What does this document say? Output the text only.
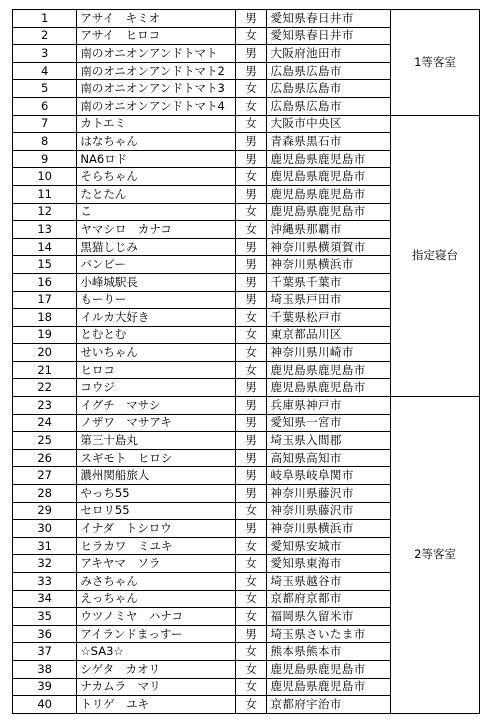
1	アサイ　キミオ	男	愛知県春日井市	1等客室
2	アサイ　ヒロコ	女	愛知県春日井市	
3	南のオニオンアンドトマト	男	大阪府池田市	
4	南のオニオンアンドトマト2	男	広島県広島市	
5	南のオニオンアンドトマト3	女	広島県広島市	
6	南のオニオンアンドトマト4	女	広島県広島市	
7	カトエミ	女	大阪市中央区	指定寝台
8	はなちゃん	男	青森県黒石市	
9	NA6ロド	男	鹿児島県鹿児島市	
10	そらちゃん	女	鹿児島県鹿児島市	
11	たとたん	男	鹿児島県鹿児島市	
12	こ	女	鹿児島県鹿児島市	
13	ヤマシロ　カナコ	女	沖縄県那覇市	
14	黒猫しじみ	男	神奈川県横須賀市	
15	バンビー	男	神奈川県横浜市	
16	小峰城駅長	男	千葉県千葉市	
17	もーりー	男	埼玉県戸田市	
18	イルカ大好き	女	千葉県松戸市	
19	とむとむ	女	東京都品川区	
20	せいちゃん	女	神奈川県川崎市	
21	ヒロコ	女	鹿児島県鹿児島市	
22	コウジ	男	鹿児島県鹿児島市	
23	イグチ　マサシ	男	兵庫県神戸市	2等客室
24	ノザワ　マサアキ	男	愛知県一宮市	
25	第三十島丸	男	埼玉県入間郡	
26	スギモト　ヒロシ	男	高知県高知市	
27	濃州関船旅人	男	岐阜県岐阜関市	
28	やっち55	男	神奈川県藤沢市	
29	セロリ55	女	神奈川県藤沢市	
30	イナダ　トシロウ	男	神奈川県横浜市	
31	ヒラカワ　ミユキ	女	愛知県安城市	
32	アキヤマ　ソラ	女	愛知県東海市	
33	みさちゃん	女	埼玉県越谷市	
34	えっちゃん	女	京都府京都市	
35	ウツノミヤ　ハナコ	女	福岡県久留米市	
36	アイランドまっすー	男	埼玉県さいたま市	
37	☆SA3☆	女	熊本県熊本市	
38	シゲタ　カオリ	女	鹿児島県鹿児島市	
39	ナカムラ　マリ	女	鹿児島県鹿児島市	
40	トリゲ　ユキ	女	京都府宇治市	
